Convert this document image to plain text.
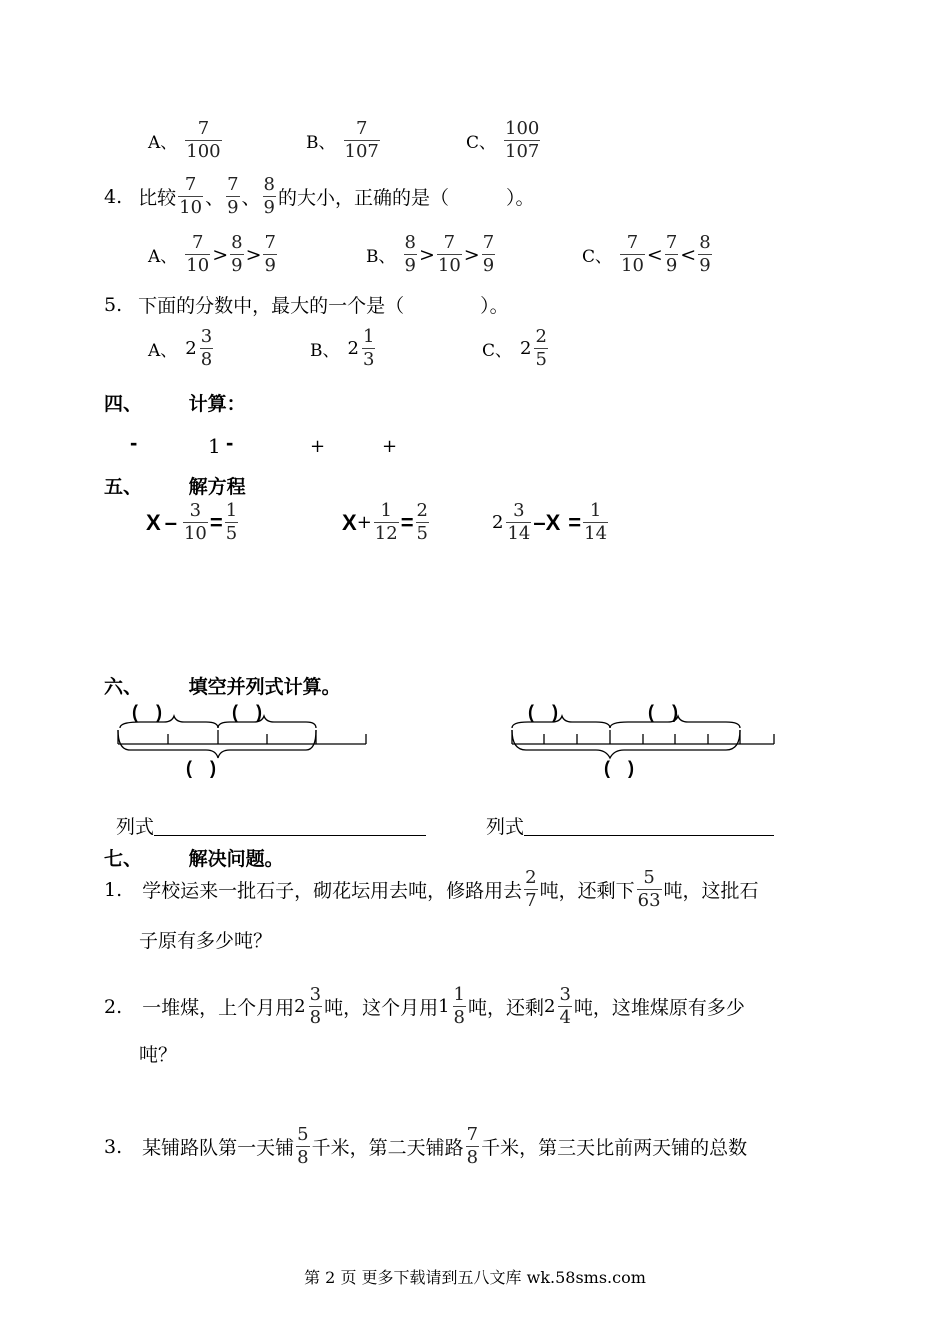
A、 $\frac{7}{100}$	B、 $\frac{7}{107}$	C、 $\frac{100}{107}$
4. 比较 $\frac{7}{10}$ 、 $\frac{7}{9}$ 、 $\frac{8}{9}$ 的大小，正确的是（　　　）。
A、 $\frac{7}{10} > \frac{8}{9} > \frac{7}{9}$	B、 $\frac{8}{9} > \frac{7}{10} > \frac{7}{9}$	C、 $\frac{7}{10} < \frac{7}{9} < \frac{8}{9}$
5. 下面的分数中，最大的一个是（　　　　）。
A、 $2 \frac{3}{8}$	B、 $2 \frac{1}{3}$	C、 $2 \frac{2}{5}$
四、 计算：
-	1 -	+	+
五、 解方程
$X - \frac{3}{10} = \frac{1}{5}$	$X + \frac{1}{12} = \frac{2}{5}$	$2 \frac{3}{14} -X = \frac{1}{14}$
六、 填空并列式计算。
(　)	(　)
(　)
(　)	(　)
(　)
列式	列式
七、 解决问题。
1. 学校运来一批石子，砌花坛用去吨，修路用去 $\frac{2}{7}$ 吨，还剩下 $\frac{5}{63}$ 吨，这批石
子原有多少吨？
2. 一堆煤，上个月用 $2 \frac{3}{8}$ 吨，这个月用 $1 \frac{1}{8}$ 吨，还剩 $2 \frac{3}{4}$ 吨，这堆煤原有多少
吨？
3. 某铺路队第一天铺 $\frac{5}{8}$ 千米，第二天铺路 $\frac{7}{8}$ 千米，第三天比前两天铺的总数
第 2 页 更多下载请到五八文库 wk.58sms.com
